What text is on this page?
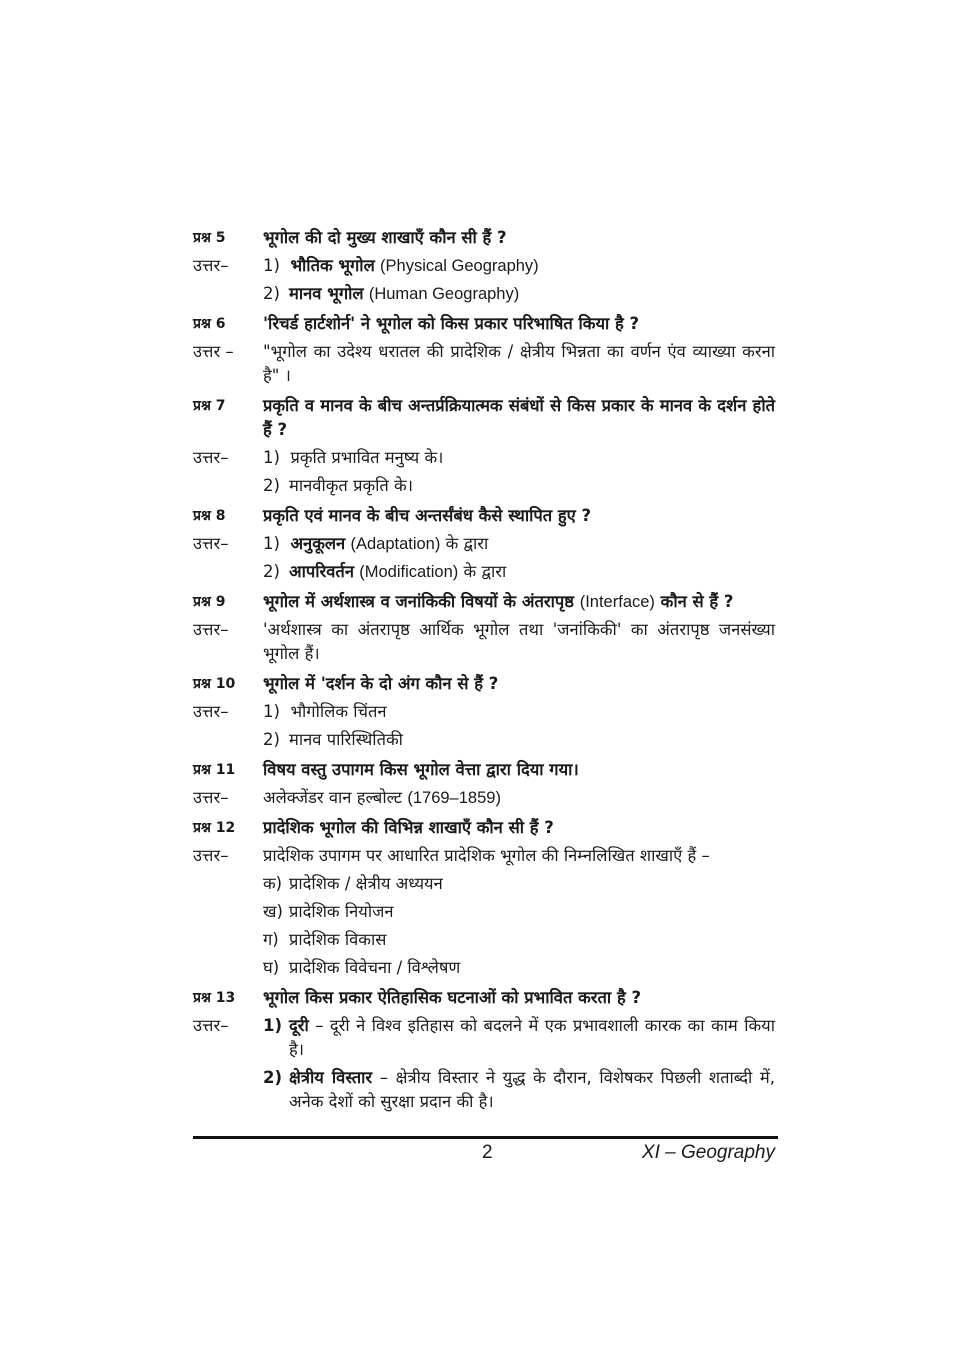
प्रश्न 5	भूगोल की दो मुख्य शाखाएँ कौन सी हैं ?
उत्तर–	1) भौतिक भूगोल (Physical Geography)
2) मानव भूगोल (Human Geography)
प्रश्न 6	'रिचर्ड हार्टशोर्न' ने भूगोल को किस प्रकार परिभाषित किया है ?
उत्तर –	"भूगोल का उदेश्य धरातल की प्रादेशिक / क्षेत्रीय भिन्नता का वर्णन एंव व्याख्या करना है" ।
प्रश्न 7	प्रकृति व मानव के बीच अन्तर्प्रक्रियात्मक संबंधों से किस प्रकार के मानव के दर्शन होते हैं ?
उत्तर–	1) प्रकृति प्रभावित मनुष्य के।
2) मानवीकृत प्रकृति के।
प्रश्न 8	प्रकृति एवं मानव के बीच अन्तर्संबंध कैसे स्थापित हुए ?
उत्तर–	1) अनुकूलन (Adaptation) के द्वारा
2) आपरिवर्तन (Modification) के द्वारा
प्रश्न 9	भूगोल में अर्थशास्त्र व जनांकिकी विषयों के अंतरापृष्ठ (Interface) कौन से हैं ?
उत्तर–	'अर्थशास्त्र का अंतरापृष्ठ आर्थिक भूगोल तथा 'जनांकिकी' का अंतरापृष्ठ जनसंख्या भूगोल हैं।
प्रश्न 10	भूगोल में 'दर्शन के दो अंग कौन से हैं ?
उत्तर–	1) भौगोलिक चिंतन
2) मानव पारिस्थितिकी
प्रश्न 11	विषय वस्तु उपागम किस भूगोल वेत्ता द्वारा दिया गया।
उत्तर–	अलेक्जेंडर वान हल्बोल्ट (1769–1859)
प्रश्न 12	प्रादेशिक भूगोल की विभिन्न शाखाएँ कौन सी हैं ?
उत्तर–	प्रादेशिक उपागम पर आधारित प्रादेशिक भूगोल की निम्नलिखित शाखाएँ हैं –
क) प्रादेशिक / क्षेत्रीय अध्ययन
ख) प्रादेशिक नियोजन
ग) प्रादेशिक विकास
घ) प्रादेशिक विवेचना / विश्लेषण
प्रश्न 13	भूगोल किस प्रकार ऐतिहासिक घटनाओं को प्रभावित करता है ?
उत्तर–	1) दूरी – दूरी ने विश्व इतिहास को बदलने में एक प्रभावशाली कारक का काम किया है।
2) क्षेत्रीय विस्तार – क्षेत्रीय विस्तार ने युद्ध के दौरान, विशेषकर पिछली शताब्दी में, अनेक देशों को सुरक्षा प्रदान की है।
2	XI – Geography
